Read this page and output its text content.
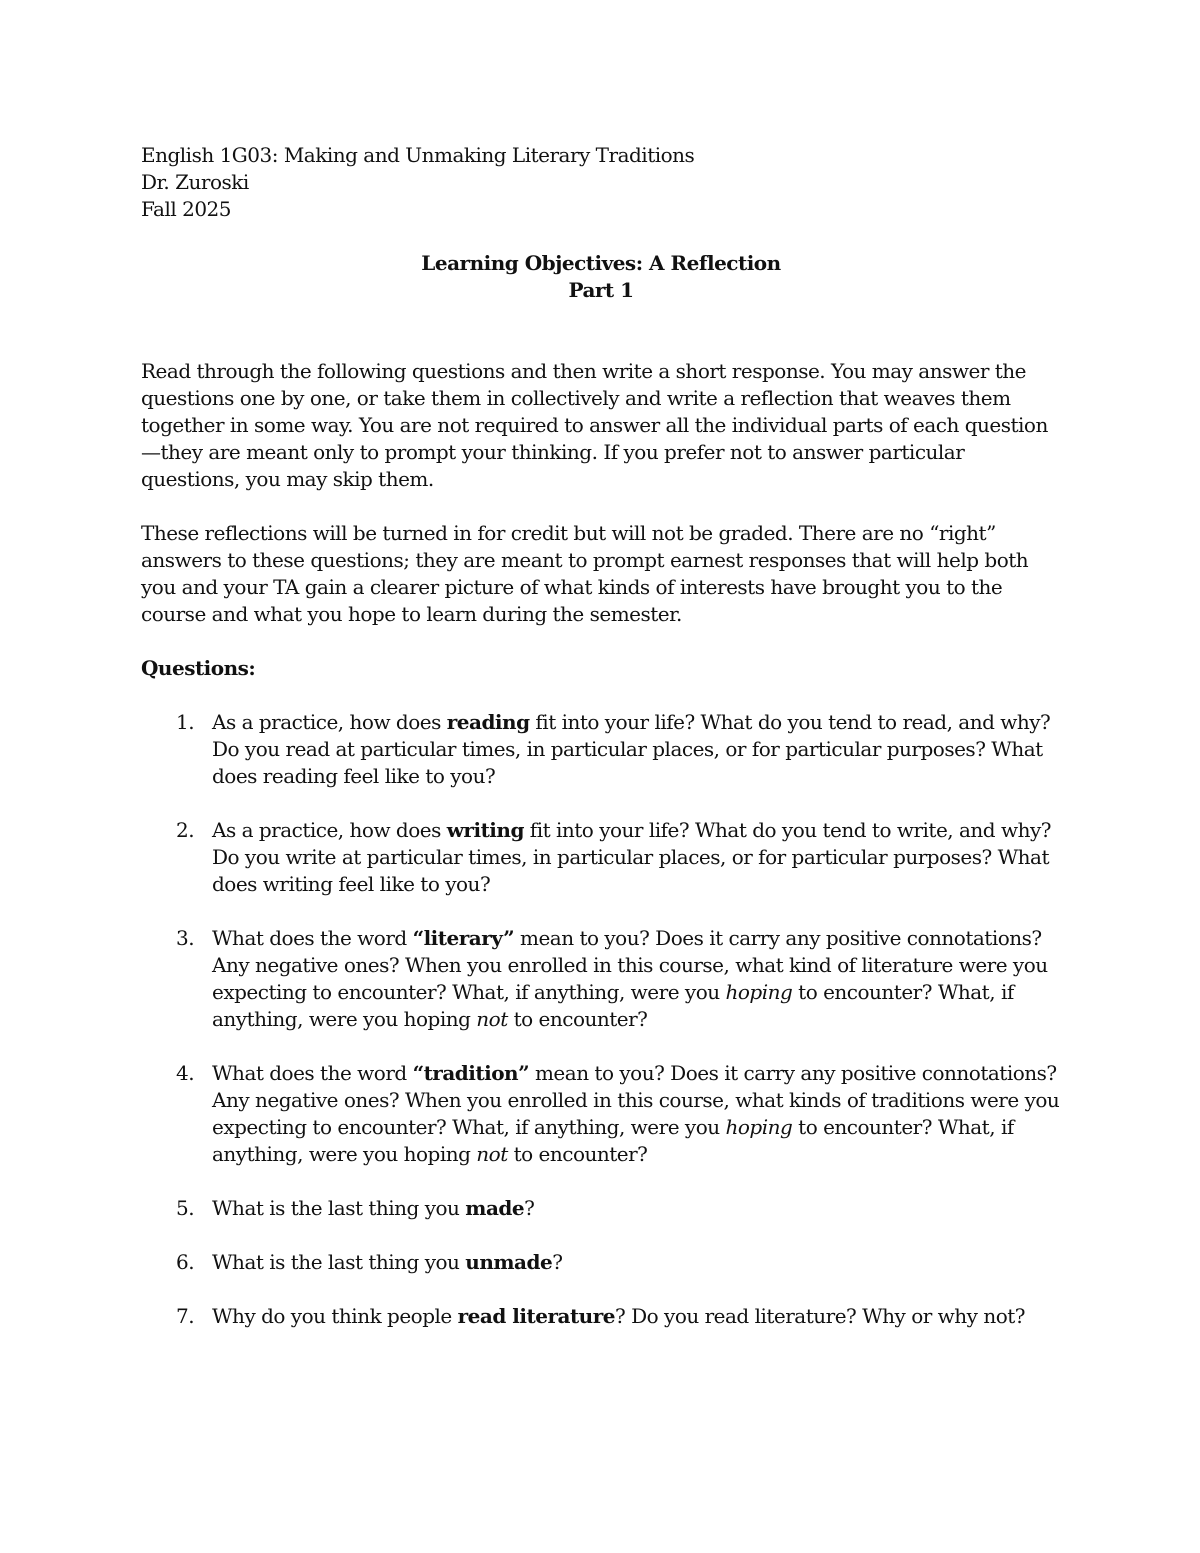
English 1G03: Making and Unmaking Literary Traditions
Dr. Zuroski
Fall 2025
Learning Objectives: A Reflection
Part 1

Read through the following questions and then write a short response. You may answer the questions one by one, or take them in collectively and write a reflection that weaves them together in some way. You are not required to answer all the individual parts of each question—they are meant only to prompt your thinking. If you prefer not to answer particular questions, you may skip them.

These reflections will be turned in for credit but will not be graded. There are no “right” answers to these questions; they are meant to prompt earnest responses that will help both you and your TA gain a clearer picture of what kinds of interests have brought you to the course and what you hope to learn during the semester.

Questions:
1. As a practice, how does reading fit into your life? What do you tend to read, and why? Do you read at particular times, in particular places, or for particular purposes? What does reading feel like to you?
2. As a practice, how does writing fit into your life? What do you tend to write, and why? Do you write at particular times, in particular places, or for particular purposes? What does writing feel like to you?
3. What does the word “literary” mean to you? Does it carry any positive connotations? Any negative ones? When you enrolled in this course, what kind of literature were you expecting to encounter? What, if anything, were you hoping to encounter? What, if anything, were you hoping not to encounter?
4. What does the word “tradition” mean to you? Does it carry any positive connotations? Any negative ones? When you enrolled in this course, what kinds of traditions were you expecting to encounter? What, if anything, were you hoping to encounter? What, if anything, were you hoping not to encounter?
5. What is the last thing you made?
6. What is the last thing you unmade?
7. Why do you think people read literature? Do you read literature? Why or why not?
